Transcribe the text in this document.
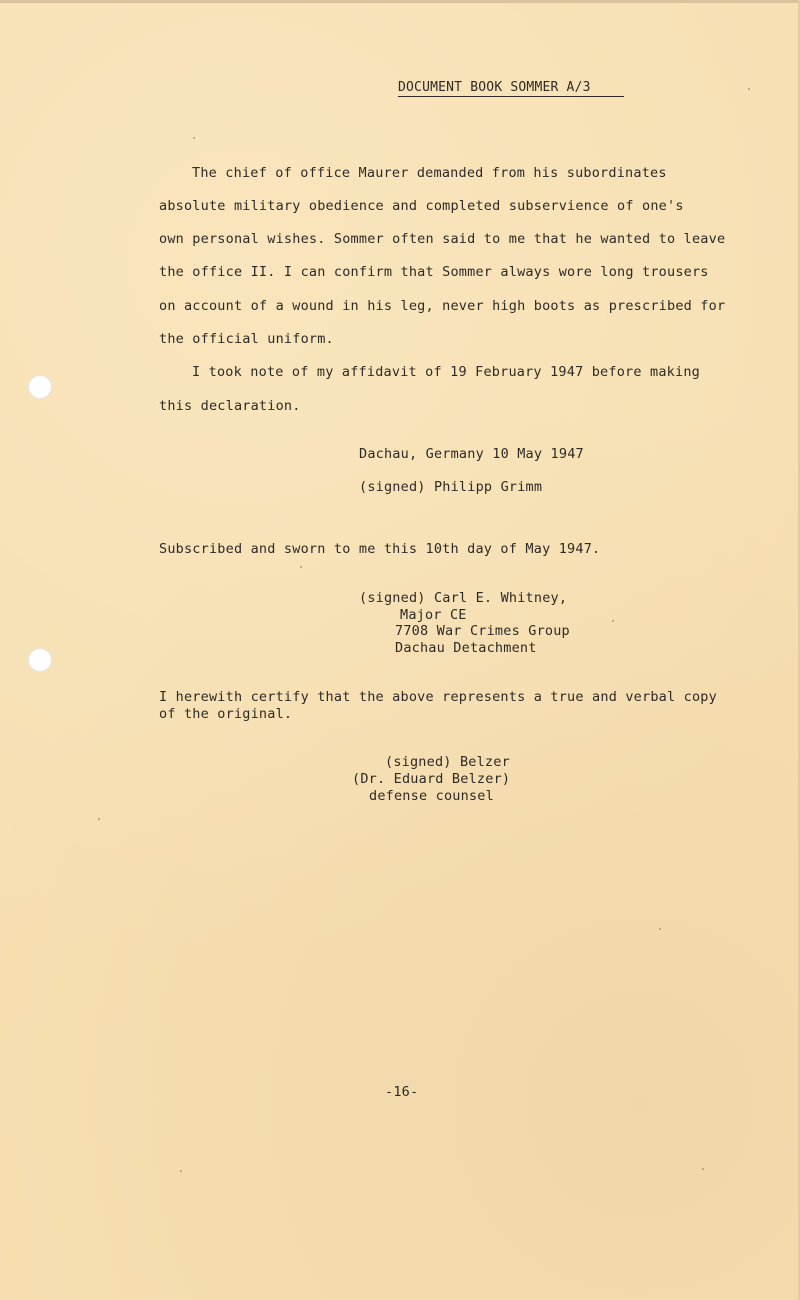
DOCUMENT BOOK SOMMER A/3
The chief of office Maurer demanded from his subordinates
absolute military obedience and completed subservience of one's
own personal wishes. Sommer often said to me that he wanted to leave
the office II. I can confirm that Sommer always wore long trousers
on account of a wound in his leg, never high boots as prescribed for
the official uniform.
I took note of my affidavit of 19 February 1947 before making
this declaration.
Dachau, Germany 10 May 1947
(signed) Philipp Grimm
Subscribed and sworn to me this 10th day of May 1947.
(signed) Carl E. Whitney,
Major CE
7708 War Crimes Group
Dachau Detachment
I herewith certify that the above represents a true and verbal copy
of the original.
(signed) Belzer
(Dr. Eduard Belzer)
defense counsel
-16-
